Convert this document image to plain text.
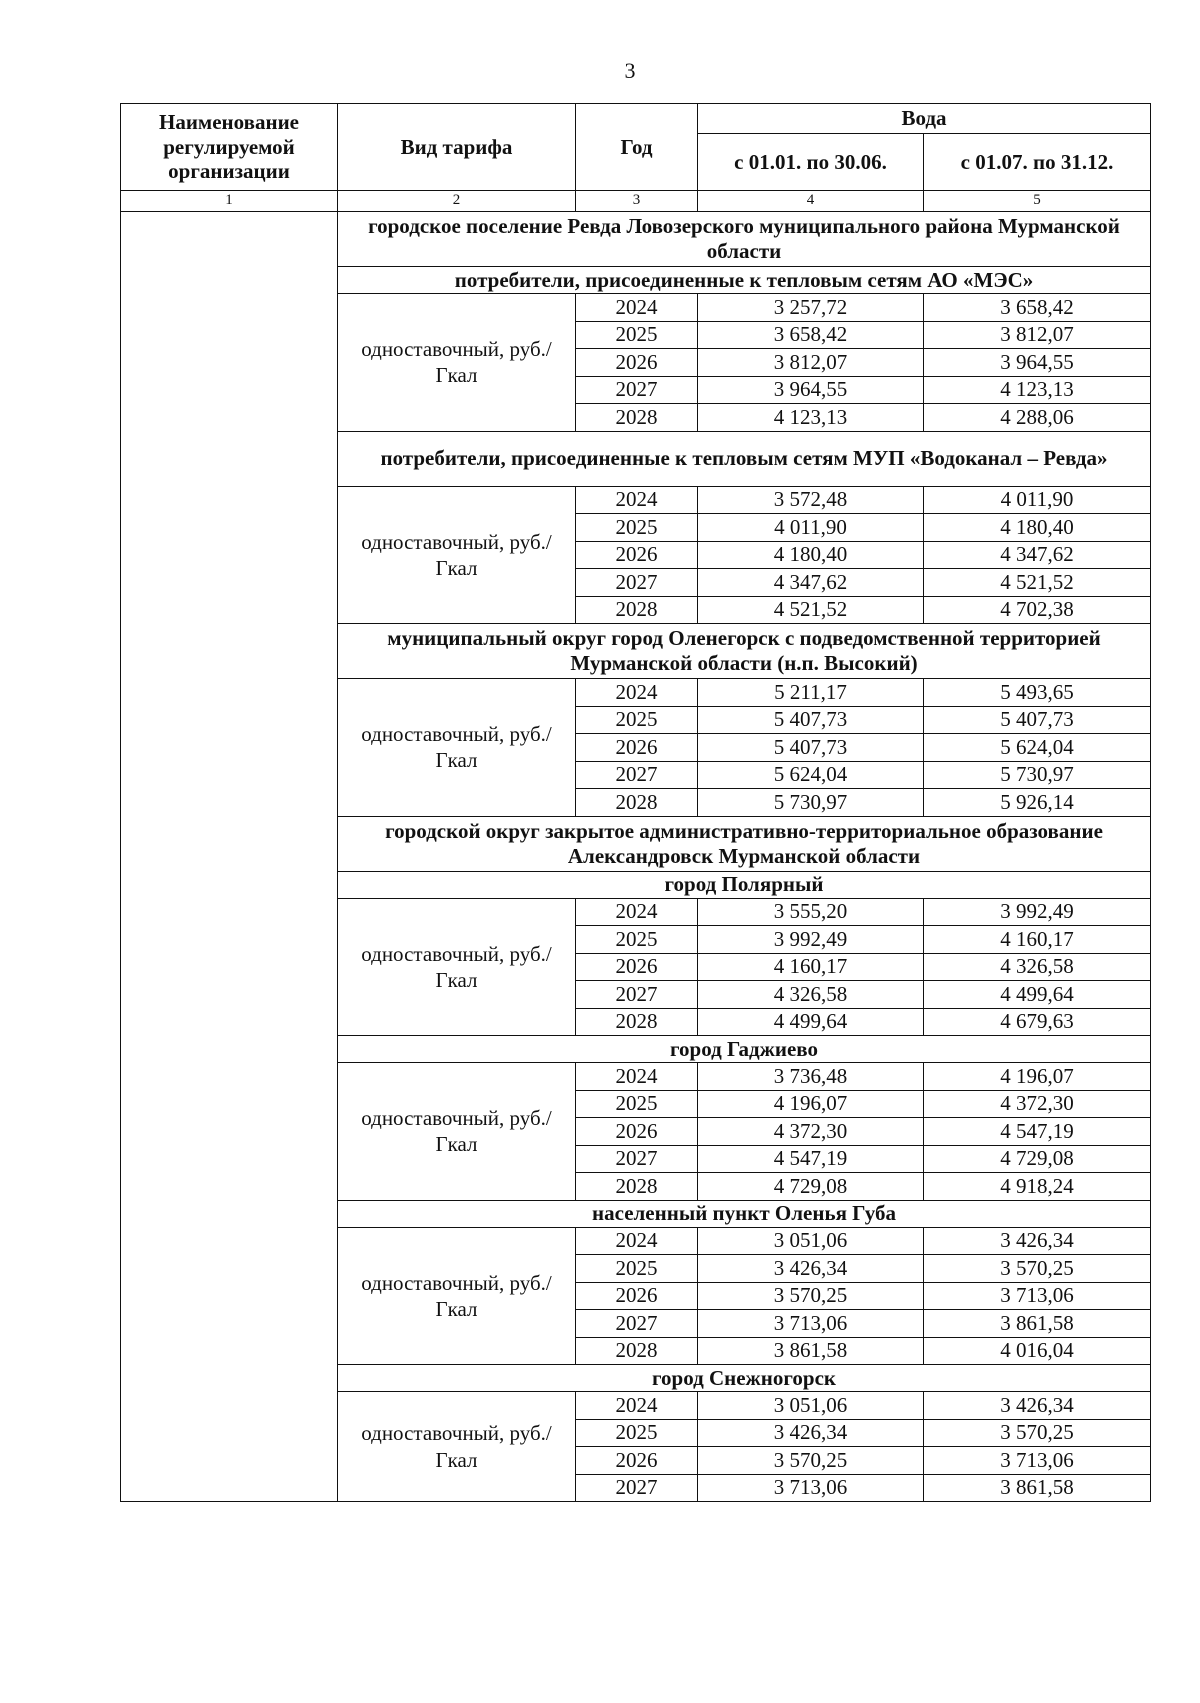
3
Наименование регулируемой организации	Вид тарифа	Год	Вода	
			с 01.01. по 30.06.	с 01.07. по 31.12.
1	2	3	4	5
	городское поселение Ревда Ловозерского муниципального района Мурманской области			
	потребители, присоединенные к тепловым сетям АО «МЭС»			
	одноставочный, руб./Гкал	2024	3 257,72	3 658,42
		2025	3 658,42	3 812,07
		2026	3 812,07	3 964,55
		2027	3 964,55	4 123,13
		2028	4 123,13	4 288,06
	потребители, присоединенные к тепловым сетям МУП «Водоканал – Ревда»			
	одноставочный, руб./Гкал	2024	3 572,48	4 011,90
		2025	4 011,90	4 180,40
		2026	4 180,40	4 347,62
		2027	4 347,62	4 521,52
		2028	4 521,52	4 702,38
	муниципальный округ город Оленегорск с подведомственной территорией Мурманской области (н.п. Высокий)			
	одноставочный, руб./Гкал	2024	5 211,17	5 493,65
		2025	5 407,73	5 407,73
		2026	5 407,73	5 624,04
		2027	5 624,04	5 730,97
		2028	5 730,97	5 926,14
	городской округ закрытое административно-территориальное образование Александровск Мурманской области			
	город Полярный			
	одноставочный, руб./Гкал	2024	3 555,20	3 992,49
		2025	3 992,49	4 160,17
		2026	4 160,17	4 326,58
		2027	4 326,58	4 499,64
		2028	4 499,64	4 679,63
	город Гаджиево			
	одноставочный, руб./Гкал	2024	3 736,48	4 196,07
		2025	4 196,07	4 372,30
		2026	4 372,30	4 547,19
		2027	4 547,19	4 729,08
		2028	4 729,08	4 918,24
	населенный пункт Оленья Губа			
	одноставочный, руб./Гкал	2024	3 051,06	3 426,34
		2025	3 426,34	3 570,25
		2026	3 570,25	3 713,06
		2027	3 713,06	3 861,58
		2028	3 861,58	4 016,04
	город Снежногорск			
	одноставочный, руб./Гкал	2024	3 051,06	3 426,34
		2025	3 426,34	3 570,25
		2026	3 570,25	3 713,06
		2027	3 713,06	3 861,58
